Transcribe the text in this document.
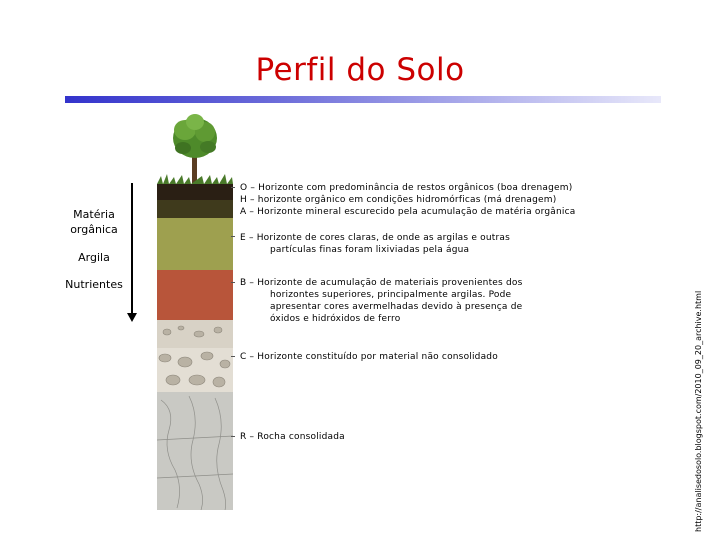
Perfil do Solo
Matéria orgânica
Argila
Nutrientes
O – Horizonte com predominância de restos orgânicos (boa drenagem)
H – horizonte orgânico em condições hidromórficas (má drenagem)
A – Horizonte mineral escurecido pela acumulação de matéria orgânica
E – Horizonte de cores claras, de onde as argilas e outras
partículas finas foram lixiviadas pela água
B – Horizonte de acumulação de materiais provenientes dos
horizontes superiores, principalmente argilas. Pode
apresentar cores avermelhadas devido à presença de
óxidos e hidróxidos de ferro
C – Horizonte constituído por material não consolidado
R – Rocha consolidada	http://analisedosolo.blogspot.com/2010_09_20_archive.html
